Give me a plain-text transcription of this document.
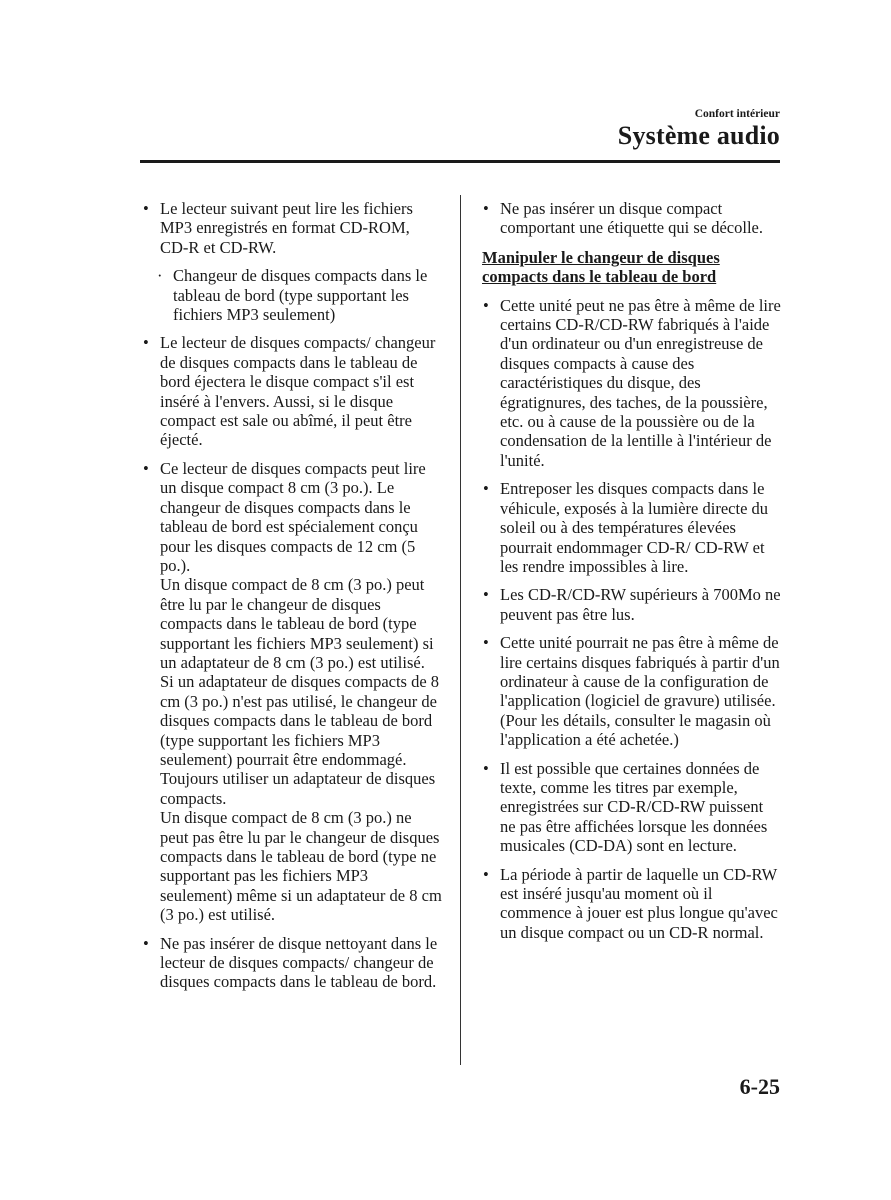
Confort intérieur
Système audio
• Le lecteur suivant peut lire les fichiers MP3 enregistrés en format CD-ROM, CD-R et CD-RW.
· Changeur de disques compacts dans le tableau de bord (type supportant les fichiers MP3 seulement)
• Le lecteur de disques compacts/ changeur de disques compacts dans le tableau de bord éjectera le disque compact s'il est inséré à l'envers. Aussi, si le disque compact est sale ou abîmé, il peut être éjecté.
• Ce lecteur de disques compacts peut lire un disque compact 8 cm (3 po.). Le changeur de disques compacts dans le tableau de bord est spécialement conçu pour les disques compacts de 12 cm (5 po.).
Un disque compact de 8 cm (3 po.) peut être lu par le changeur de disques compacts dans le tableau de bord (type supportant les fichiers MP3 seulement) si un adaptateur de 8 cm (3 po.) est utilisé.
Si un adaptateur de disques compacts de 8 cm (3 po.) n'est pas utilisé, le changeur de disques compacts dans le tableau de bord (type supportant les fichiers MP3 seulement) pourrait être endommagé. Toujours utiliser un adaptateur de disques compacts.
Un disque compact de 8 cm (3 po.) ne peut pas être lu par le changeur de disques compacts dans le tableau de bord (type ne supportant pas les fichiers MP3 seulement) même si un adaptateur de 8 cm (3 po.) est utilisé.
• Ne pas insérer de disque nettoyant dans le lecteur de disques compacts/ changeur de disques compacts dans le tableau de bord.
• Ne pas insérer un disque compact comportant une étiquette qui se décolle.
Manipuler le changeur de disques compacts dans le tableau de bord
• Cette unité peut ne pas être à même de lire certains CD-R/CD-RW fabriqués à l'aide d'un ordinateur ou d'un enregistreuse de disques compacts à cause des caractéristiques du disque, des égratignures, des taches, de la poussière, etc. ou à cause de la poussière ou de la condensation de la lentille à l'intérieur de l'unité.
• Entreposer les disques compacts dans le véhicule, exposés à la lumière directe du soleil ou à des températures élevées pourrait endommager CD-R/ CD-RW et les rendre impossibles à lire.
• Les CD-R/CD-RW supérieurs à 700Mo ne peuvent pas être lus.
• Cette unité pourrait ne pas être à même de lire certains disques fabriqués à partir d'un ordinateur à cause de la configuration de l'application (logiciel de gravure) utilisée. (Pour les détails, consulter le magasin où l'application a été achetée.)
• Il est possible que certaines données de texte, comme les titres par exemple, enregistrées sur CD-R/CD-RW puissent ne pas être affichées lorsque les données musicales (CD-DA) sont en lecture.
• La période à partir de laquelle un CD-RW est inséré jusqu'au moment où il commence à jouer est plus longue qu'avec un disque compact ou un CD-R normal.
6-25
